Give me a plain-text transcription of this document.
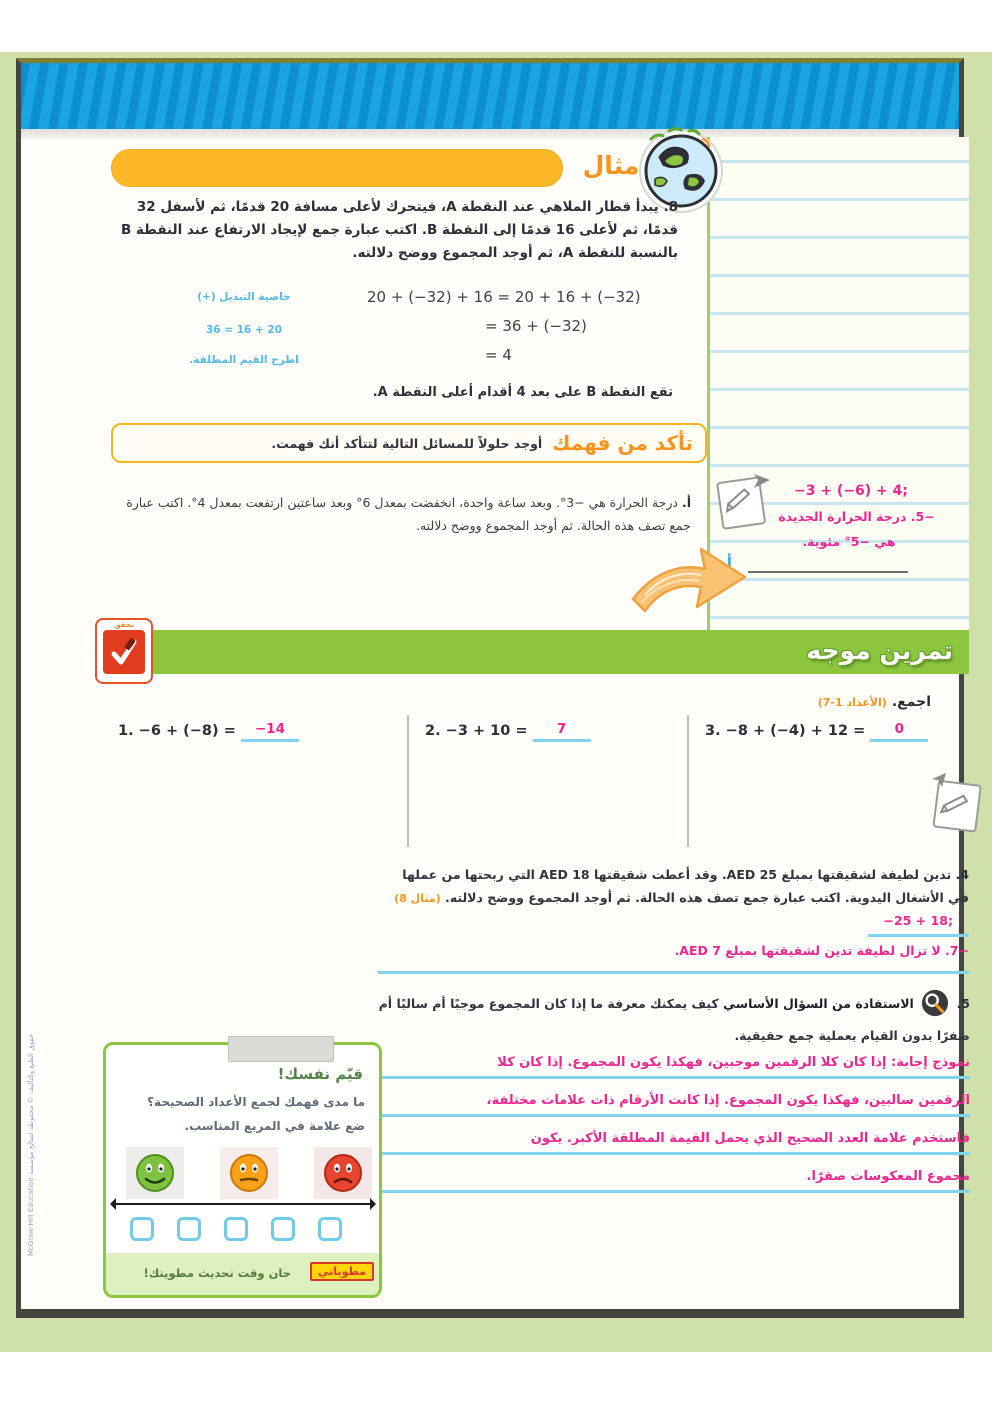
مثال
8. يبدأ قطار الملاهي عند النقطة A، فيتحرك لأعلى مسافة 20 قدمًا، ثم لأسفل 32 قدمًا، ثم لأعلى 16 قدمًا إلى النقطة B. اكتب عبارة جمع لإيجاد الارتفاع عند النقطة B بالنسبة للنقطة A، ثم أوجد المجموع ووضح دلالته.
20 + (−32) + 16 = 20 + 16 + (−32)
= 36 + (−32)
= 4
خاصية التبديل (+)
36 = 16 + 20
اطرح القيم المطلقة.
تقع النقطة B على بعد 4 أقدام أعلى النقطة A.
تأكد من فهمك
أوجد حلولاً للمسائل التالية لتتأكد أنك فهمت.
أ. درجة الحرارة هي −3°. وبعد ساعة واحدة، انخفضت بمعدل 6° وبعد ساعتين ارتفعت بمعدل 4°. اكتب عبارة جمع تصف هذه الحالة. ثم أوجد المجموع ووضح دلالته.
−3 + (−6) + 4;
−5. درجة الحرارة الجديدة
هي −5° مئوية.
أ
تمرين موجه
تحقق
اجمع. (الأعداد 1-7)
1. −6 + (−8) = −14	2. −3 + 10 = 7	3. −8 + (−4) + 12 = 0
4. تدين لطيفة لشقيقتها بمبلغ AED 25. وقد أعطت شقيقتها AED 18 التي ربحتها من عملها في الأشغال اليدوية. اكتب عبارة جمع تصف هذه الحالة. ثم أوجد المجموع ووضح دلالته. (مثال 8) −25 + 18;
−7. لا تزال لطيفة تدين لشقيقتها بمبلغ AED 7.
5.  الاستفادة من السؤال الأساسي كيف يمكنك معرفة ما إذا كان المجموع موجبًا أم سالبًا أم صفرًا بدون القيام بعملية جمع حقيقية.
نموذج إجابة: إذا كان كلا الرقمين موجبين، فهكذا يكون المجموع. إذا كان كلا
الرقمين سالبين، فهكذا يكون المجموع. إذا كانت الأرقام ذات علامات مختلفة،
فاستخدم علامة العدد الصحيح الذي يحمل القيمة المطلقة الأكبر. يكون
مجموع المعكوسات صفرًا.
قيّم نفسك!
ما مدى فهمك لجمع الأعداد الصحيحة؟
ضع علامة في المربع المناسب.
مطوياتي
حان وقت تحديث مطويتك!
حقوق الطبع والتأليف © محفوظة لصالح مؤسسة McGraw-Hill Education
